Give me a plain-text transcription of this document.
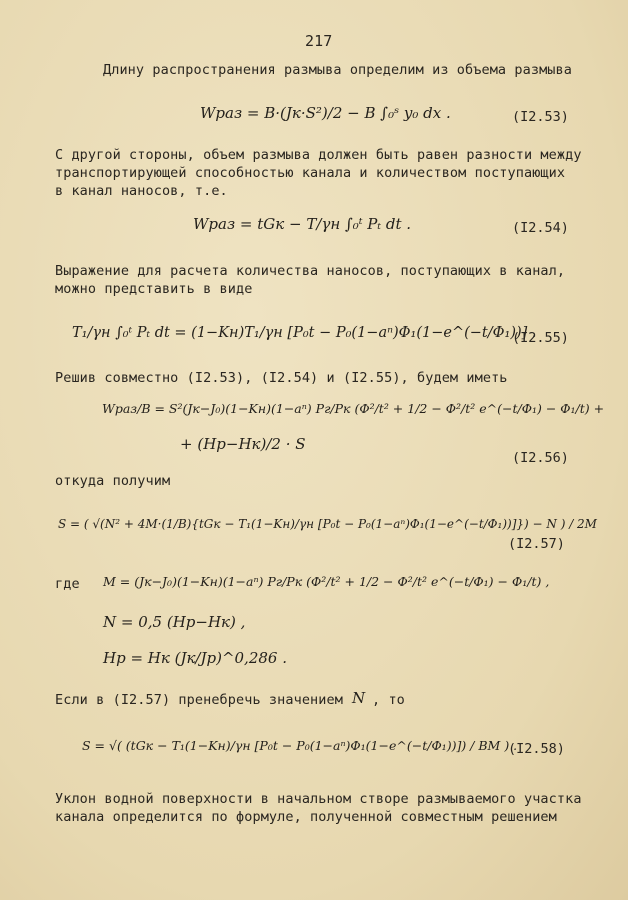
217
Длину распространения размыва определим из объема размыва
Wраз = B·(Jк·S²)/2 − B ∫₀ˢ y₀ dx .	(I2.53)
С другой стороны, объем размыва должен быть равен разности между
транспортирующей способностью канала и количеством поступающих
в канал наносов, т.е.
Wраз = tGк − T/γн ∫₀ᵗ Pₜ dt .	(I2.54)
Выражение для расчета количества наносов, поступающих в канал,
можно представить в виде
T₁/γн ∫₀ᵗ Pₜ dt = (1−Kн)T₁/γн [P₀t − P₀(1−aⁿ)Φ₁(1−e^(−t/Φ₁))] .
(I2.55)
Решив совместно (I2.53), (I2.54) и (I2.55), будем иметь
Wраз/B = S²(Jк−J₀)(1−Kн)(1−aⁿ) Pг/Pк (Φ²/t² + 1/2 − Φ²/t² e^(−t/Φ₁) − Φ₁/t) +
+ (Hр−Hк)/2 · S
(I2.56)
откуда получим
S = ( √(N² + 4M·(1/B){tGк − T₁(1−Kн)/γн [P₀t − P₀(1−aⁿ)Φ₁(1−e^(−t/Φ₁))]}) − N ) / 2M
(I2.57)
где M = (Jк−J₀)(1−Kн)(1−aⁿ) Pг/Pк (Φ²/t² + 1/2 − Φ²/t² e^(−t/Φ₁) − Φ₁/t) ,
N = 0,5 (Hр−Hк) ,
Hр = Hк (Jк/Jр)^0,286 .
Если в (I2.57) пренебречь значением N , то
S = √( (tGк − T₁(1−Kн)/γн [P₀t − P₀(1−aⁿ)Φ₁(1−e^(−t/Φ₁))]) / BM ) .
(I2.58)
Уклон водной поверхности в начальном створе размываемого участка
канала определится по формуле, полученной совместным решением
